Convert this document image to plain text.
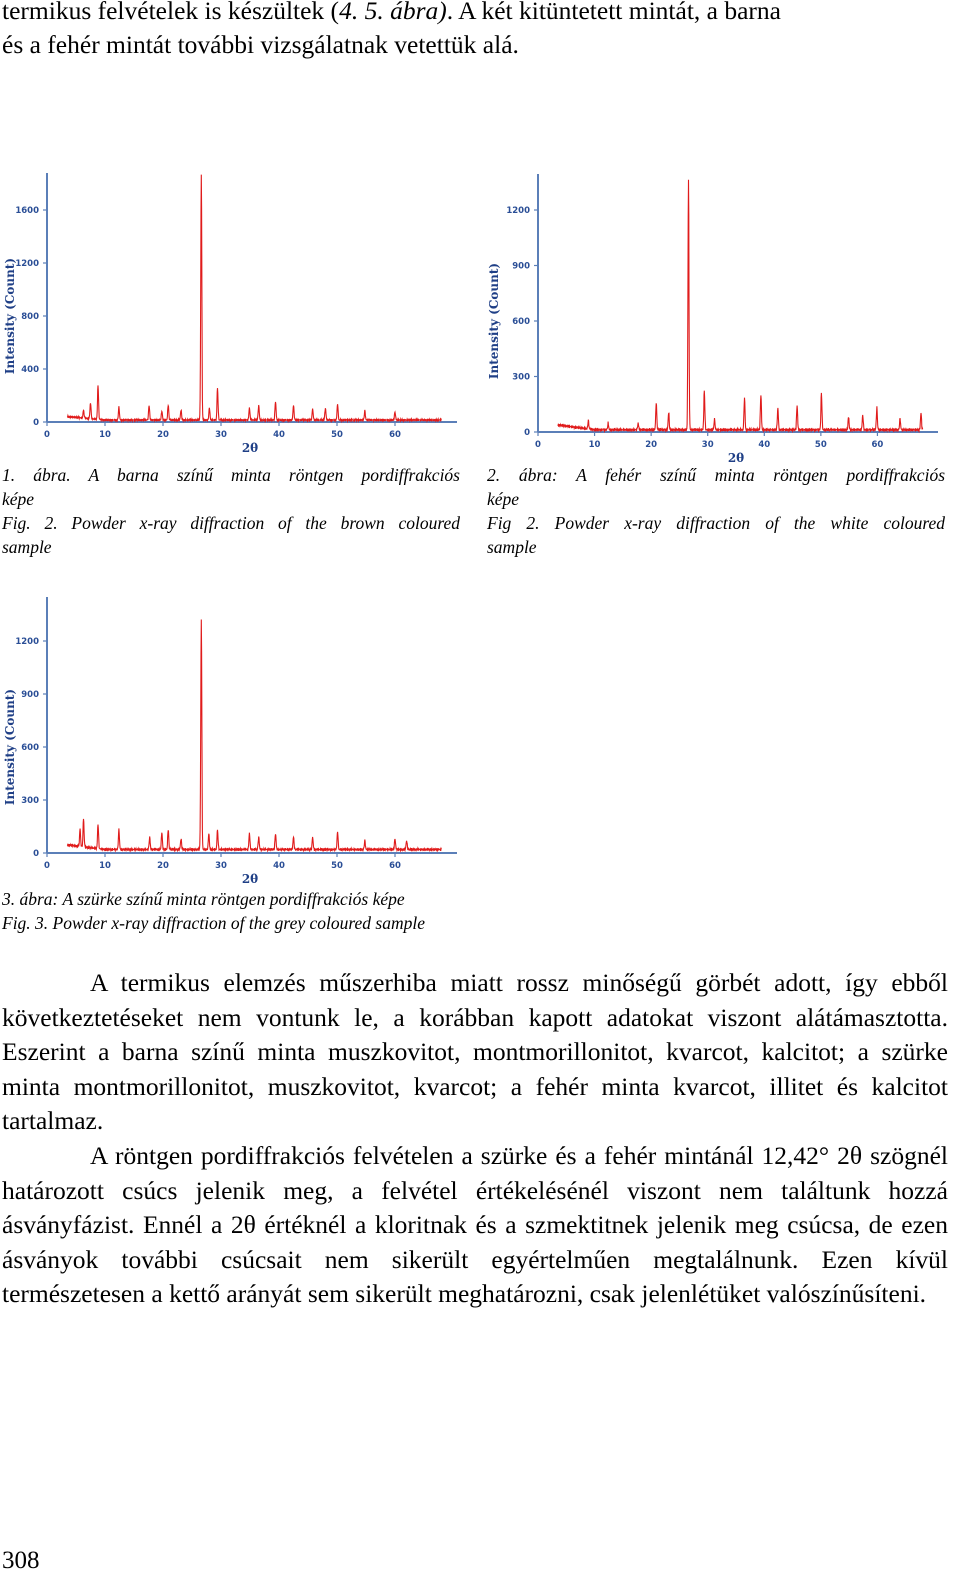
termikus felvételek is készültek (4. 5. ábra). A két kitüntetett mintát, a barna
és a fehér mintát további vizsgálatnak vetettük alá.
0
400
800
1200
1600
0	10	20	30	40	50	60
2θ
Intensity (Count)
1. ábra. A barna színű minta röntgen pordiffrakciós
képe
Fig. 2. Powder x-ray diffraction of the brown coloured
sample
0
300
600
900
1200
0	10	20	30	40	50	60
2θ
Intensity (Count)
2. ábra: A fehér színű minta röntgen pordiffrakciós
képe
Fig 2. Powder x-ray diffraction of the white coloured
sample
0
300
600
900
1200
0	10	20	30	40	50	60
2θ
Intensity (Count)
3. ábra: A szürke színű minta röntgen pordiffrakciós képe
Fig. 3. Powder x-ray diffraction of the grey coloured sample

A termikus elemzés műszerhiba miatt rossz minőségű görbét adott, így ebből következtetéseket nem vontunk le, a korábban kapott adatokat viszont alátámasztotta. Eszerint a barna színű minta muszkovitot, montmorillonitot, kvarcot, kalcitot; a szürke minta montmorillonitot, muszkovitot, kvarcot; a fehér minta kvarcot, illitet és kalcitot tartalmaz.

A röntgen pordiffrakciós felvételen a szürke és a fehér mintánál 12,42° 2θ szögnél határozott csúcs jelenik meg, a felvétel értékelésénél viszont nem találtunk hozzá ásványfázist. Ennél a 2θ értéknél a kloritnak és a szmektitnek jelenik meg csúcsa, de ezen ásványok további csúcsait nem sikerült egyértelműen megtalálnunk. Ezen kívül természetesen a kettő arányát sem sikerült meghatározni, csak jelenlétüket valószínűsíteni.

308
